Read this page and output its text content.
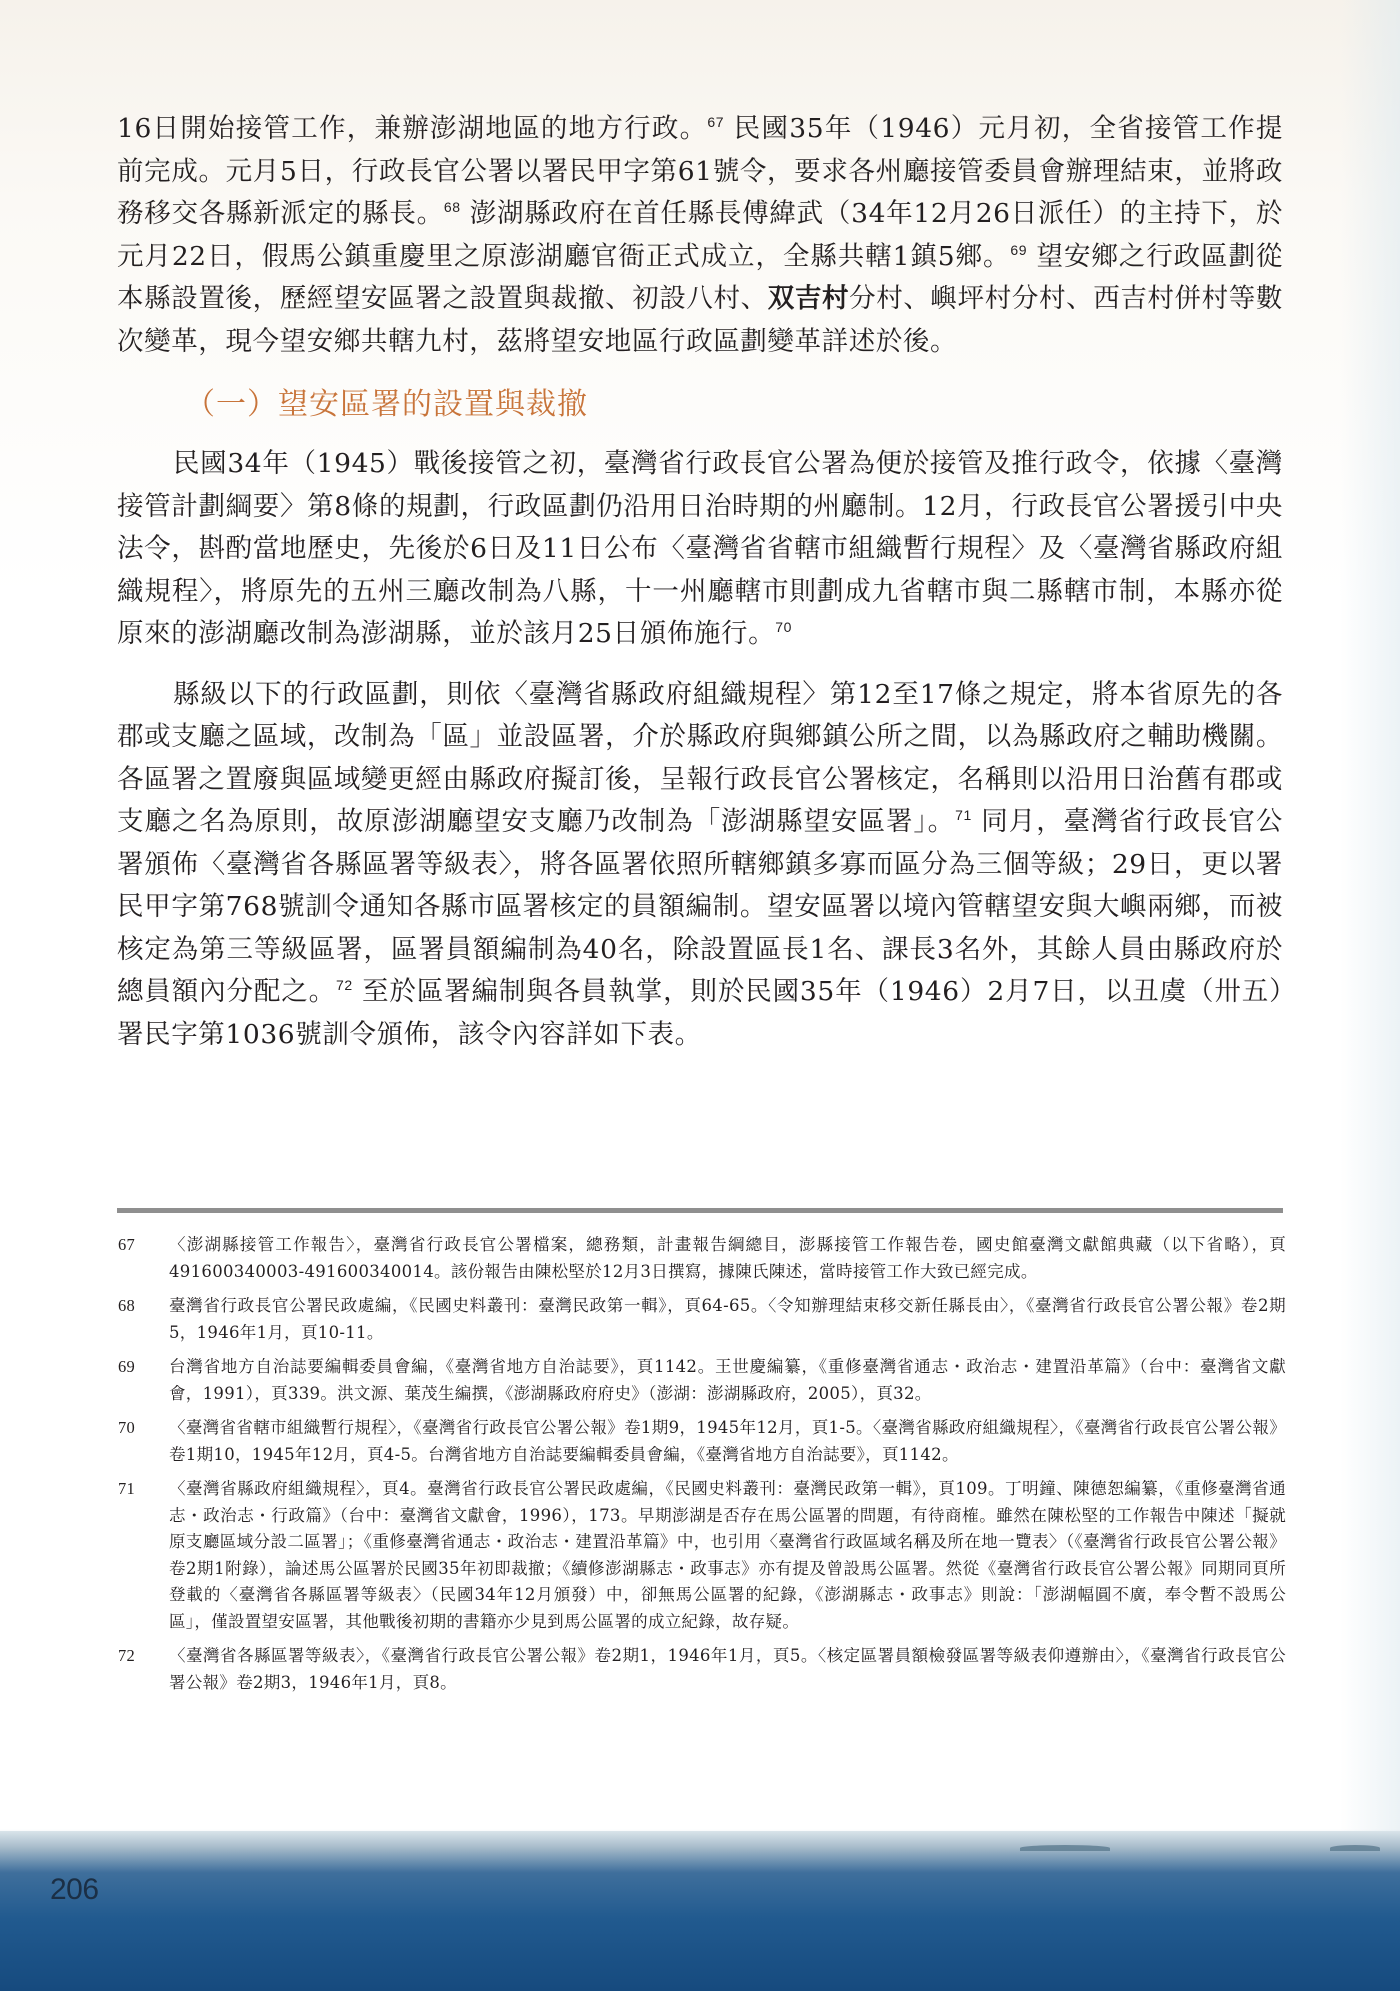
16日開始接管工作，兼辦澎湖地區的地方行政。$^{67}$ 民國35年（1946）元月初，全省接管工作提前完成。元月5日，行政長官公署以署民甲字第61號令，要求各州廳接管委員會辦理結束，並將政務移交各縣新派定的縣長。$^{68}$ 澎湖縣政府在首任縣長傅緯武（34年12月26日派任）的主持下，於元月22日，假馬公鎮重慶里之原澎湖廳官衙正式成立，全縣共轄1鎮5鄉。$^{69}$ 望安鄉之行政區劃從本縣設置後，歷經望安區署之設置與裁撤、初設八村、双吉村分村、嶼坪村分村、西吉村併村等數次變革，現今望安鄉共轄九村，茲將望安地區行政區劃變革詳述於後。

（一）望安區署的設置與裁撤

民國34年（1945）戰後接管之初，臺灣省行政長官公署為便於接管及推行政令，依據〈臺灣接管計劃綱要〉第8條的規劃，行政區劃仍沿用日治時期的州廳制。12月，行政長官公署援引中央法令，斟酌當地歷史，先後於6日及11日公布〈臺灣省省轄市組織暫行規程〉及〈臺灣省縣政府組織規程〉，將原先的五州三廳改制為八縣，十一州廳轄市則劃成九省轄市與二縣轄市制，本縣亦從原來的澎湖廳改制為澎湖縣，並於該月25日頒佈施行。$^{70}$

縣級以下的行政區劃，則依〈臺灣省縣政府組織規程〉第12至17條之規定，將本省原先的各郡或支廳之區域，改制為「區」並設區署，介於縣政府與鄉鎮公所之間，以為縣政府之輔助機關。各區署之置廢與區域變更經由縣政府擬訂後，呈報行政長官公署核定，名稱則以沿用日治舊有郡或支廳之名為原則，故原澎湖廳望安支廳乃改制為「澎湖縣望安區署」。$^{71}$ 同月，臺灣省行政長官公署頒佈〈臺灣省各縣區署等級表〉，將各區署依照所轄鄉鎮多寡而區分為三個等級；29日，更以署民甲字第768號訓令通知各縣市區署核定的員額編制。望安區署以境內管轄望安與大嶼兩鄉，而被核定為第三等級區署，區署員額編制為40名，除設置區長1名、課長3名外，其餘人員由縣政府於總員額內分配之。$^{72}$ 至於區署編制與各員執掌，則於民國35年（1946）2月7日，以丑虞（卅五）署民字第1036號訓令頒佈，該令內容詳如下表。

67 〈澎湖縣接管工作報告〉，臺灣省行政長官公署檔案，總務類，計畫報告綱總目，澎縣接管工作報告卷，國史館臺灣文獻館典藏（以下省略），頁491600340003-491600340014。該份報告由陳松堅於12月3日撰寫，據陳氏陳述，當時接管工作大致已經完成。
68 臺灣省行政長官公署民政處編，《民國史料叢刊：臺灣民政第一輯》，頁64-65。〈令知辦理結束移交新任縣長由〉，《臺灣省行政長官公署公報》卷2期5，1946年1月，頁10-11。
69 台灣省地方自治誌要編輯委員會編，《臺灣省地方自治誌要》，頁1142。王世慶編纂，《重修臺灣省通志・政治志・建置沿革篇》（台中：臺灣省文獻會，1991），頁339。洪文源、葉茂生編撰，《澎湖縣政府府史》（澎湖：澎湖縣政府，2005），頁32。
70 〈臺灣省省轄市組織暫行規程〉，《臺灣省行政長官公署公報》卷1期9，1945年12月，頁1-5。〈臺灣省縣政府組織規程〉，《臺灣省行政長官公署公報》卷1期10，1945年12月，頁4-5。台灣省地方自治誌要編輯委員會編，《臺灣省地方自治誌要》，頁1142。
71 〈臺灣省縣政府組織規程〉，頁4。臺灣省行政長官公署民政處編，《民國史料叢刊：臺灣民政第一輯》，頁109。丁明鐘、陳德恕編纂，《重修臺灣省通志・政治志・行政篇》（台中：臺灣省文獻會，1996），173。早期澎湖是否存在馬公區署的問題，有待商榷。雖然在陳松堅的工作報告中陳述「擬就原支廳區域分設二區署」；《重修臺灣省通志・政治志・建置沿革篇》中，也引用〈臺灣省行政區域名稱及所在地一覽表〉（《臺灣省行政長官公署公報》卷2期1附錄），論述馬公區署於民國35年初即裁撤；《續修澎湖縣志・政事志》亦有提及曾設馬公區署。然從《臺灣省行政長官公署公報》同期同頁所登載的〈臺灣省各縣區署等級表〉（民國34年12月頒發）中，卻無馬公區署的紀錄，《澎湖縣志・政事志》則說：「澎湖幅圓不廣，奉令暫不設馬公區」，僅設置望安區署，其他戰後初期的書籍亦少見到馬公區署的成立紀錄，故存疑。
72 〈臺灣省各縣區署等級表〉，《臺灣省行政長官公署公報》卷2期1，1946年1月，頁5。〈核定區署員額檢發區署等級表仰遵辦由〉，《臺灣省行政長官公署公報》卷2期3，1946年1月，頁8。
206
